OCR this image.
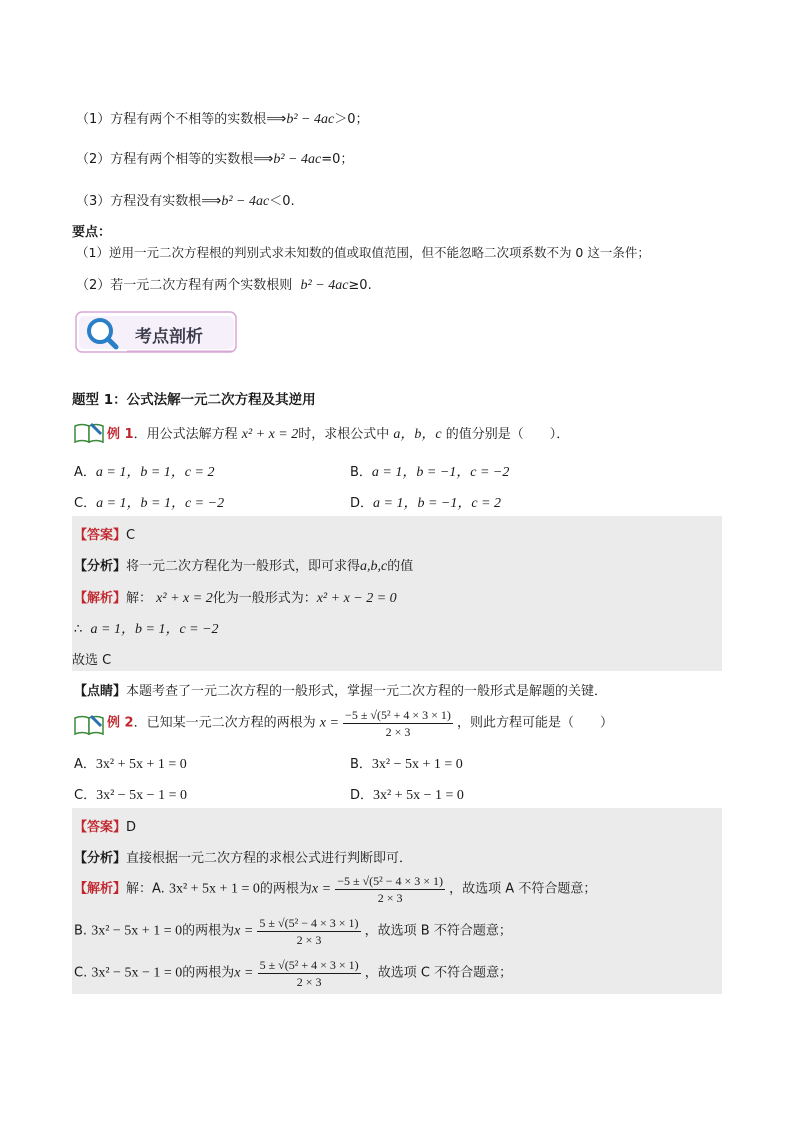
（1）方程有两个不相等的实数根⟹b² − 4ac＞0；
（2）方程有两个相等的实数根⟹b² − 4ac=0；
（3）方程没有实数根⟹b² − 4ac＜0.
要点：
（1）逆用一元二次方程根的判别式求未知数的值或取值范围，但不能忽略二次项系数不为 0 这一条件；
（2）若一元二次方程有两个实数根则 b² − 4ac≥0.
考点剖析
题型 1：公式法解一元二次方程及其逆用
例 1．用公式法解方程 x² + x = 2时，求根公式中 a，b，c 的值分别是（　　）．
A．a = 1，b = 1，c = 2	B．a = 1，b = −1，c = −2
C．a = 1，b = 1，c = −2	D．a = 1，b = −1，c = 2
【答案】C
【分析】将一元二次方程化为一般形式，即可求得a,b,c的值
【解析】解： x² + x = 2化为一般形式为：x² + x − 2 = 0
∴ a = 1，b = 1，c = −2
故选 C
【点睛】本题考查了一元二次方程的一般形式，掌握一元二次方程的一般形式是解题的关键．
例 2．已知某一元二次方程的两根为 $x = \frac{\text{−5 ± √(5² + 4 × 3 × 1)}}{2 \times 3}$ ，则此方程可能是（　　）
A．3x² + 5x + 1 = 0	B．3x² − 5x + 1 = 0
C．3x² − 5x − 1 = 0	D．3x² + 5x − 1 = 0
【答案】D
【分析】直接根据一元二次方程的求根公式进行判断即可．
【解析】解：A. 3x² + 5x + 1 = 0的两根为$x = \frac{\text{−5 ± √(5² − 4 × 3 × 1)}}{2 \times 3}$ ，故选项 A 不符合题意；
B. 3x² − 5x + 1 = 0的两根为$x = \frac{\text{5 ± √(5² − 4 × 3 × 1)}}{2 \times 3}$ ，故选项 B 不符合题意；
C. 3x² − 5x − 1 = 0的两根为$x = \frac{\text{5 ± √(5² + 4 × 3 × 1)}}{2 \times 3}$ ，故选项 C 不符合题意；
